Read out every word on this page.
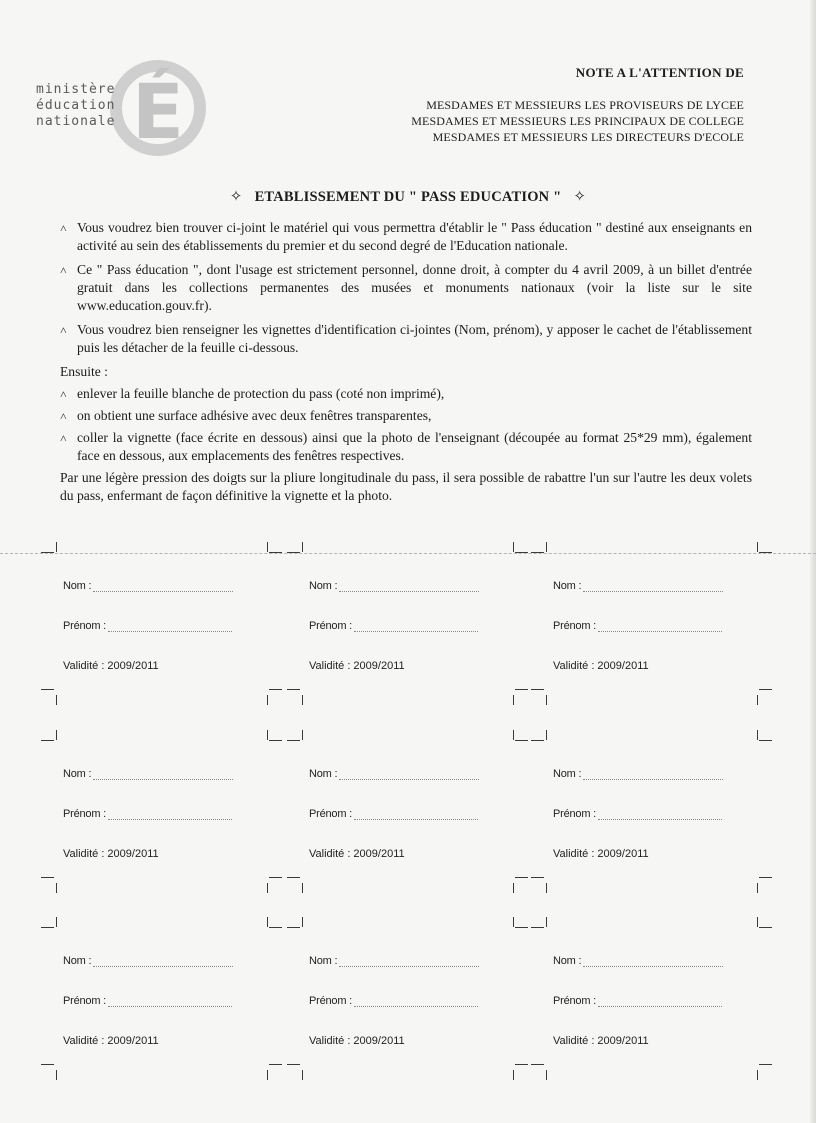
É
ministère
éducation
nationale
NOTE A L'ATTENTION DE
MESDAMES ET MESSIEURS LES PROVISEURS DE LYCEE
MESDAMES ET MESSIEURS LES PRINCIPAUX DE COLLEGE
MESDAMES ET MESSIEURS LES DIRECTEURS D'ECOLE
✧ ETABLISSEMENT DU " PASS EDUCATION " ✧
˄ Vous voudrez bien trouver ci-joint le matériel qui vous permettra d'établir le " Pass éducation " destiné aux enseignants en activité au sein des établissements du premier et du second degré de l'Education nationale.
˄ Ce " Pass éducation ", dont l'usage est strictement personnel, donne droit, à compter du 4 avril 2009, à un billet d'entrée gratuit dans les collections permanentes des musées et monuments nationaux (voir la liste sur le site www.education.gouv.fr).
˄ Vous voudrez bien renseigner les vignettes d'identification ci-jointes (Nom, prénom), y apposer le cachet de l'établissement puis les détacher de la feuille ci-dessous.
Ensuite :
˄ enlever la feuille blanche de protection du pass (coté non imprimé),
˄ on obtient une surface adhésive avec deux fenêtres transparentes,
˄ coller la vignette (face écrite en dessous) ainsi que la photo de l'enseignant (découpée au format 25*29 mm), également face en dessous, aux emplacements des fenêtres respectives.
Par une légère pression des doigts sur la pliure longitudinale du pass, il sera possible de rabattre l'un sur l'autre les deux volets du pass, enfermant de façon définitive la vignette et la photo.
Nom :
Prénom :
Validité : 2009/2011
Nom :
Prénom :
Validité : 2009/2011
Nom :
Prénom :
Validité : 2009/2011
Nom :
Prénom :
Validité : 2009/2011
Nom :
Prénom :
Validité : 2009/2011
Nom :
Prénom :
Validité : 2009/2011
Nom :
Prénom :
Validité : 2009/2011
Nom :
Prénom :
Validité : 2009/2011
Nom :
Prénom :
Validité : 2009/2011
